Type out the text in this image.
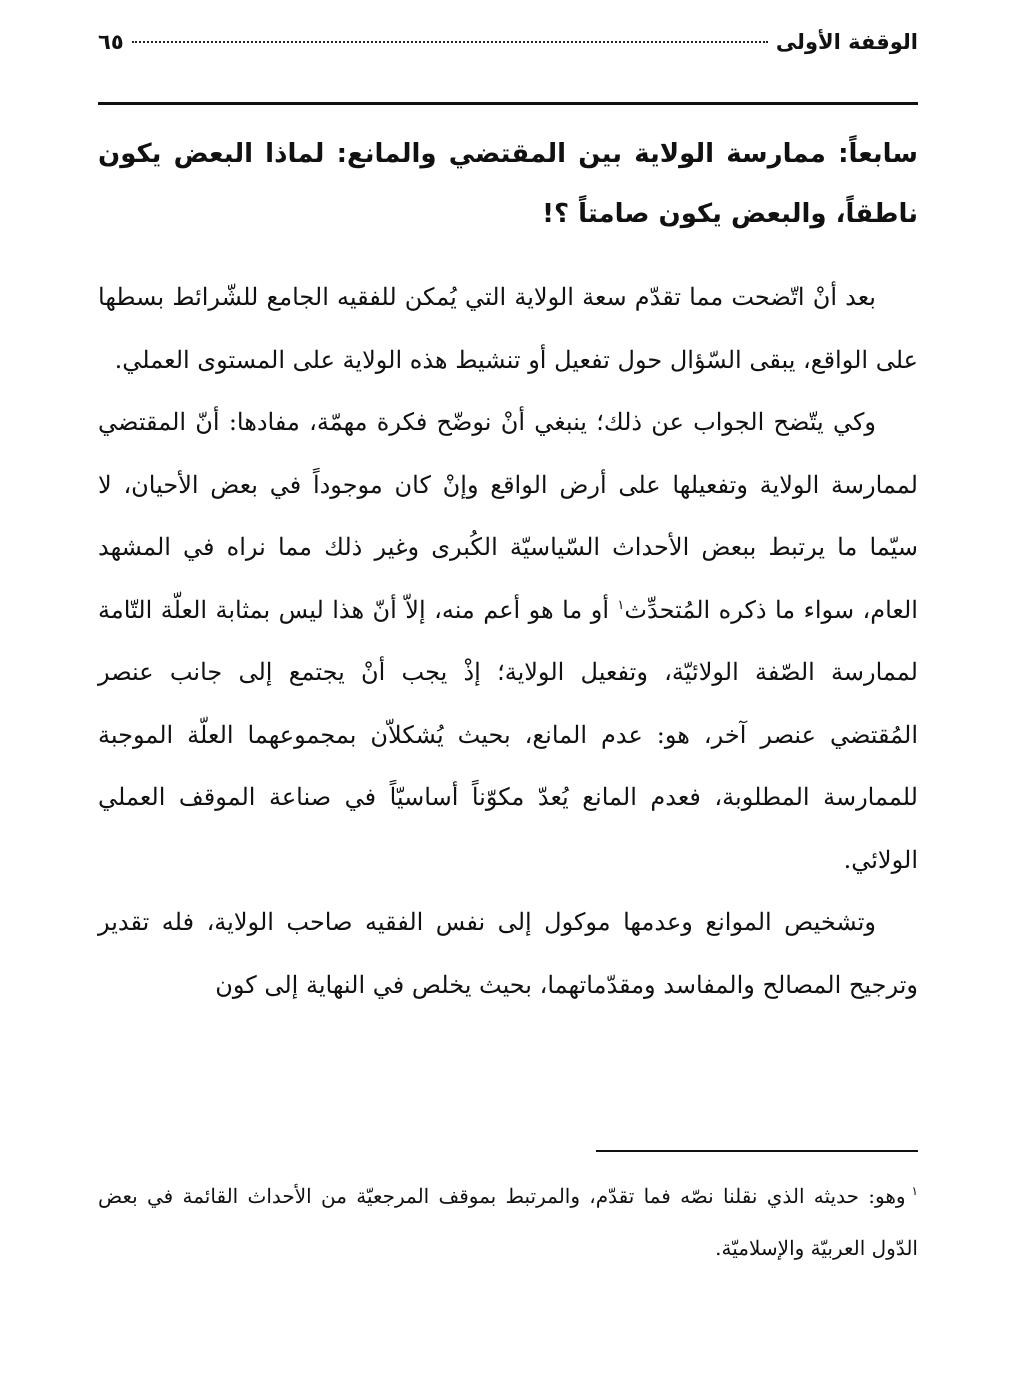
الوقفة الأولى
٦٥
سابعاً: ممارسة الولاية بين المقتضي والمانع: لماذا البعض يكون ناطقاً، والبعض يكون صامتاً ؟!

بعد أنْ اتّضحت مما تقدّم سعة الولاية التي يُمكن للفقيه الجامع للشّرائط بسطها على الواقع، يبقى السّؤال حول تفعيل أو تنشيط هذه الولاية على المستوى العملي.

وكي يتّضح الجواب عن ذلك؛ ينبغي أنْ نوضّح فكرة مهمّة، مفادها: أنّ المقتضي لممارسة الولاية وتفعيلها على أرض الواقع وإنْ كان موجوداً في بعض الأحيان، لا سيّما ما يرتبط ببعض الأحداث السّياسيّة الكُبرى وغير ذلك مما نراه في المشهد العام، سواء ما ذكره المُتحدِّث$^١$ أو ما هو أعم منه، إلاّ أنّ هذا ليس بمثابة العلّة التّامة لممارسة الصّفة الولائيّة، وتفعيل الولاية؛ إذْ يجب أنْ يجتمع إلى جانب عنصر المُقتضي عنصر آخر، هو: عدم المانع، بحيث يُشكلاّن بمجموعهما العلّة الموجبة للممارسة المطلوبة، فعدم المانع يُعدّ مكوّناً أساسيّاً في صناعة الموقف العملي الولائي.

وتشخيص الموانع وعدمها موكول إلى نفس الفقيه صاحب الولاية، فله تقدير وترجيح المصالح والمفاسد ومقدّماتهما، بحيث يخلص في النهاية إلى كون

$^١$وهو: حديثه الذي نقلنا نصّه فما تقدّم، والمرتبط بموقف المرجعيّة من الأحداث القائمة في بعض الدّول العربيّة والإسلاميّة.
